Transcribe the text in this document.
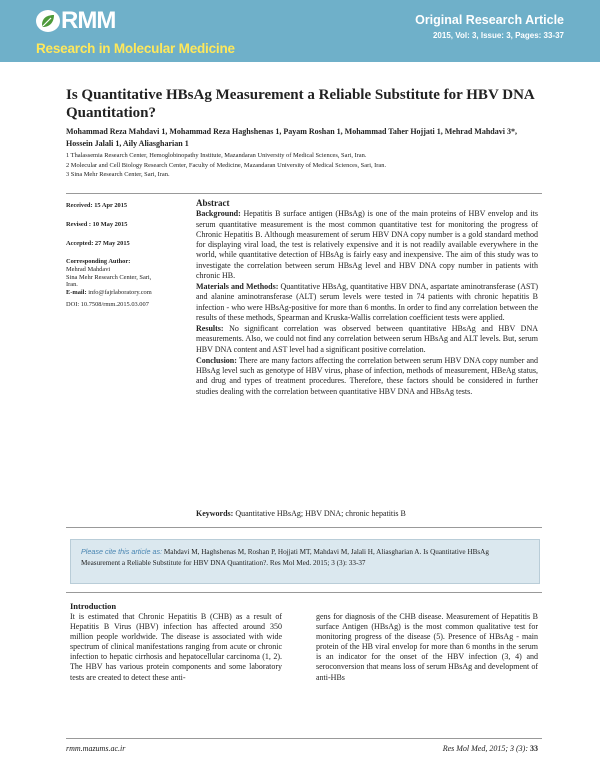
RMM
Research in Molecular Medicine
Original Research Article
2015, Vol: 3, Issue: 3, Pages: 33-37
Is Quantitative HBsAg Measurement a Reliable Substitute for HBV DNA Quantitation?
Mohammad Reza Mahdavi 1, Mohammad Reza Haghshenas 1, Payam Roshan 1, Mohammad Taher Hojjati 1, Mehrad Mahdavi 3*, Hossein Jalali 1, Aily Aliasgharian 1
1 Thalassemia Research Center, Hemoglobinopathy Institute, Mazandaran University of Medical Sciences, Sari, Iran.
2 Molecular and Cell Biology Research Center, Faculty of Medicine, Mazandaran University of Medical Sciences, Sari, Iran.
3 Sina Mehr Research Center, Sari, Iran.
Received: 15 Apr 2015
Revised : 10 May 2015
Accepted: 27 May 2015
Corresponding Author:
Mehrad Mahdavi
Sina Mehr Research Center, Sari,
Iran.
E-mail: info@fajrlaboratory.com
DOI: 10.7508/rmm.2015.03.007
Abstract

Background: Hepatitis B surface antigen (HBsAg) is one of the main proteins of HBV envelop and its serum quantitative measurement is the most common quantitative test for monitoring the progress of Chronic Hepatitis B. Although measurement of serum HBV DNA copy number is a gold standard method for displaying viral load, the test is relatively expensive and it is not readily available everywhere in the world, while quantitative detection of HBsAg is fairly easy and inexpensive. The aim of this study was to investigate the correlation between serum HBsAg level and HBV DNA copy number in patients with chronic HB.

Materials and Methods: Quantitative HBsAg, quantitative HBV DNA, aspartate aminotransferase (AST) and alanine aminotransferase (ALT) serum levels were tested in 74 patients with chronic hepatitis B infection - who were HBsAg-positive for more than 6 months. In order to find any correlation between the results of these methods, Spearman and Kruska-Wallis correlation coefficient tests were applied.

Results: No significant correlation was observed between quantitative HBsAg and HBV DNA measurements. Also, we could not find any correlation between serum HBsAg and ALT levels. But, serum HBV DNA content and AST level had a significant positive correlation.

Conclusion: There are many factors affecting the correlation between serum HBV DNA copy number and HBsAg level such as genotype of HBV virus, phase of infection, methods of measurement, HBeAg status, and drug and types of treatment procedures. Therefore, these factors should be considered in further studies dealing with the correlation between quantitative HBV DNA and HBsAg tests.

Keywords: Quantitative HBsAg; HBV DNA; chronic hepatitis B
Please cite this article as: Mahdavi M, Haghshenas M, Roshan P, Hojjati MT, Mahdavi M, Jalali H, Aliasgharian A. Is Quantitative HBsAg Measurement a Reliable Substitute for HBV DNA Quantitation?. Res Mol Med. 2015; 3 (3): 33-37
Introduction
It is estimated that Chronic Hepatitis B (CHB) as a result of Hepatitis B Virus (HBV) infection has affected around 350 million people worldwide. The disease is associated with wide spectrum of clinical manifestations ranging from acute or chronic infection to hepatic cirrhosis and hepatocellular carcinoma (1, 2). The HBV has various protein components and some laboratory tests are created to detect these anti-
gens for diagnosis of the CHB disease. Measurement of Hepatitis B surface Antigen (HBsAg) is the most common qualitative test for monitoring progress of the disease (5). Presence of HBsAg - main protein of the HB viral envelop for more than 6 months in the serum is an indicator for the onset of the HBV infection (3, 4) and seroconversion that means loss of serum HBsAg and development of anti-HBs
rmm.mazums.ac.ir	Res Mol Med, 2015; 3 (3): 33
